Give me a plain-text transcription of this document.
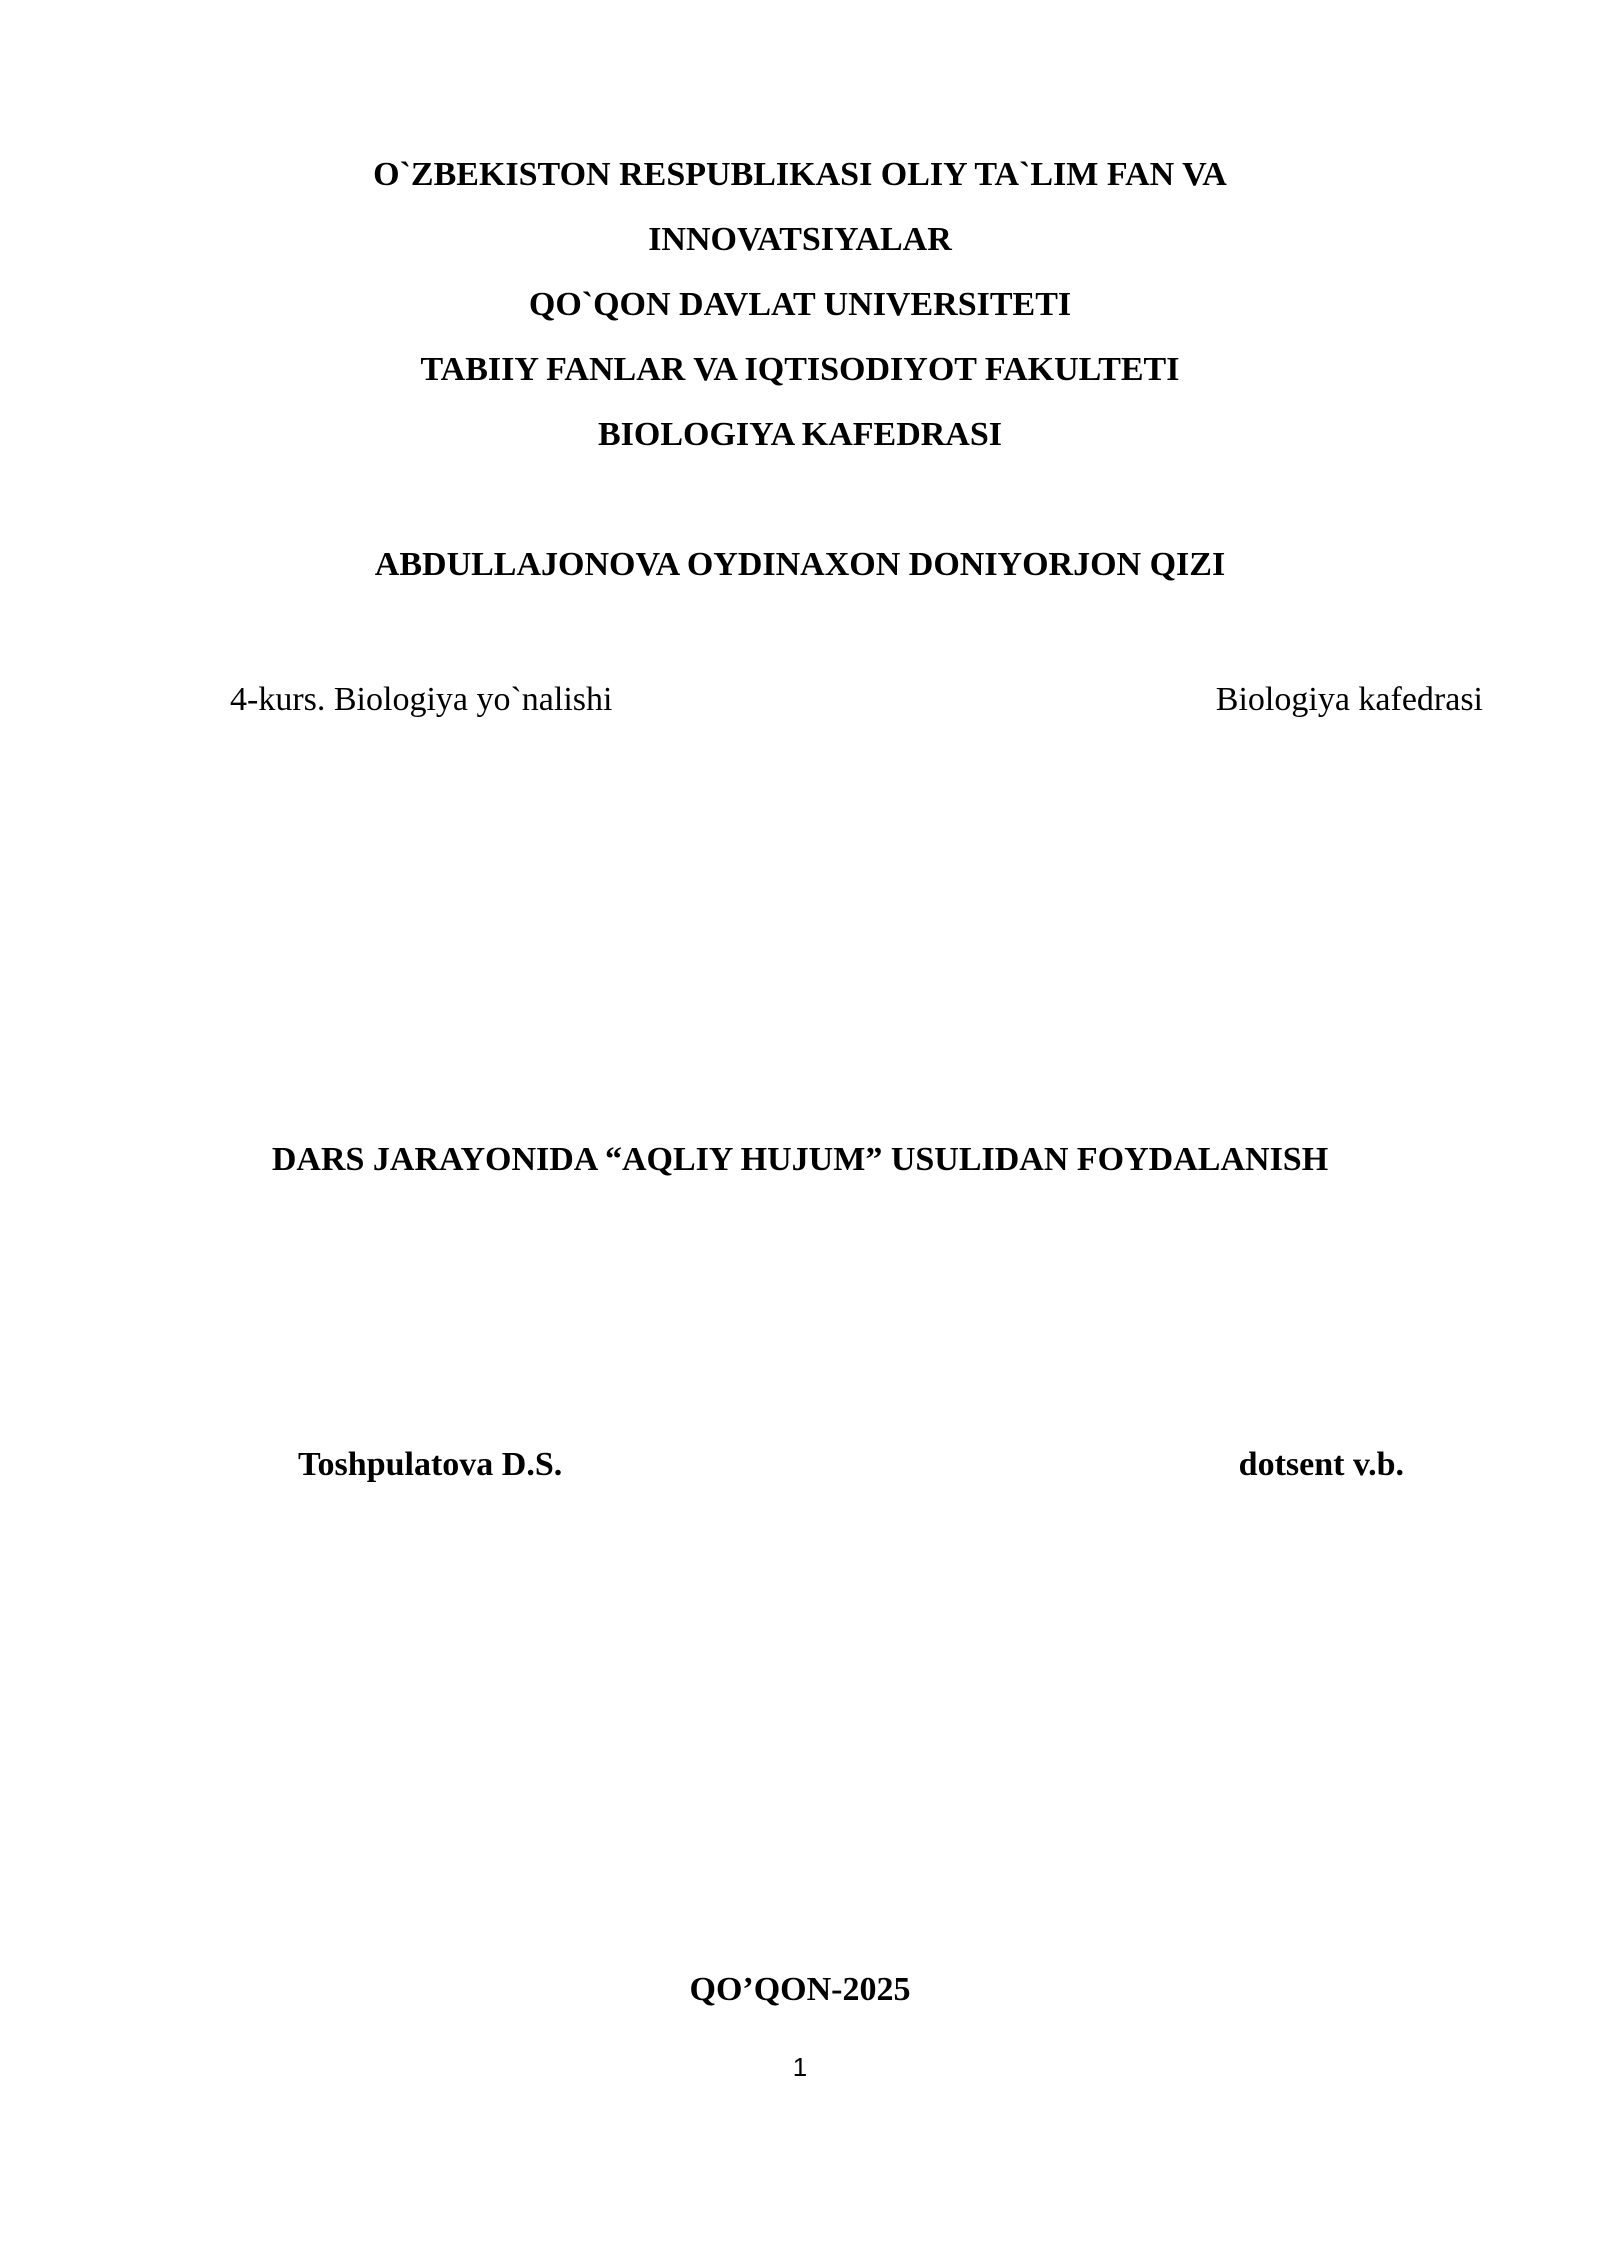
O`ZBEKISTON RESPUBLIKASI OLIY TA`LIM FAN VA
INNOVATSIYALAR
QO`QON DAVLAT UNIVERSITETI
TABIIY FANLAR VA IQTISODIYOT FAKULTETI
BIOLOGIYA KAFEDRASI
ABDULLAJONOVA OYDINAXON DONIYORJON QIZI
4-kurs. Biologiya yo`nalishi	Biologiya kafedrasi
DARS JARAYONIDA “AQLIY HUJUM” USULIDAN FOYDALANISH
Toshpulatova D.S.	dotsent v.b.
QO’QON-2025
1
